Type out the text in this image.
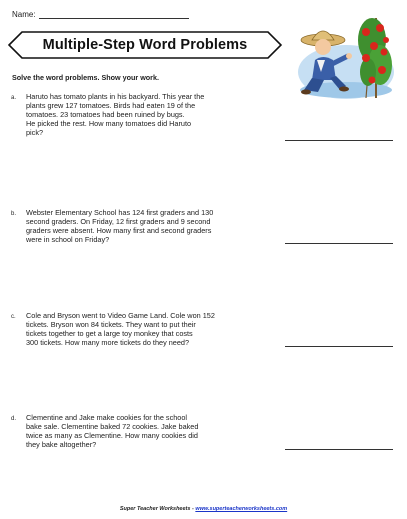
Name:
Multiple-Step Word Problems
Solve the word problems. Show your work.
a. Haruto has tomato plants in his backyard. This year the
plants grew 127 tomatoes. Birds had eaten 19 of the
tomatoes. 23 tomatoes had been ruined by bugs.
He picked the rest. How many tomatoes did Haruto
pick?
b. Webster Elementary School has 124 first graders and 130
second graders. On Friday, 12 first graders and 9 second
graders were absent. How many first and second graders
were in school on Friday?
c. Cole and Bryson went to Video Game Land. Cole won 152
tickets. Bryson won 84 tickets. They want to put their
tickets together to get a large toy monkey that costs
300 tickets. How many more tickets do they need?
d. Clementine and Jake make cookies for the school
bake sale. Clementine baked 72 cookies. Jake baked
twice as many as Clementine. How many cookies did
they bake altogether?
Super Teacher Worksheets - www.superteacherworksheets.com
